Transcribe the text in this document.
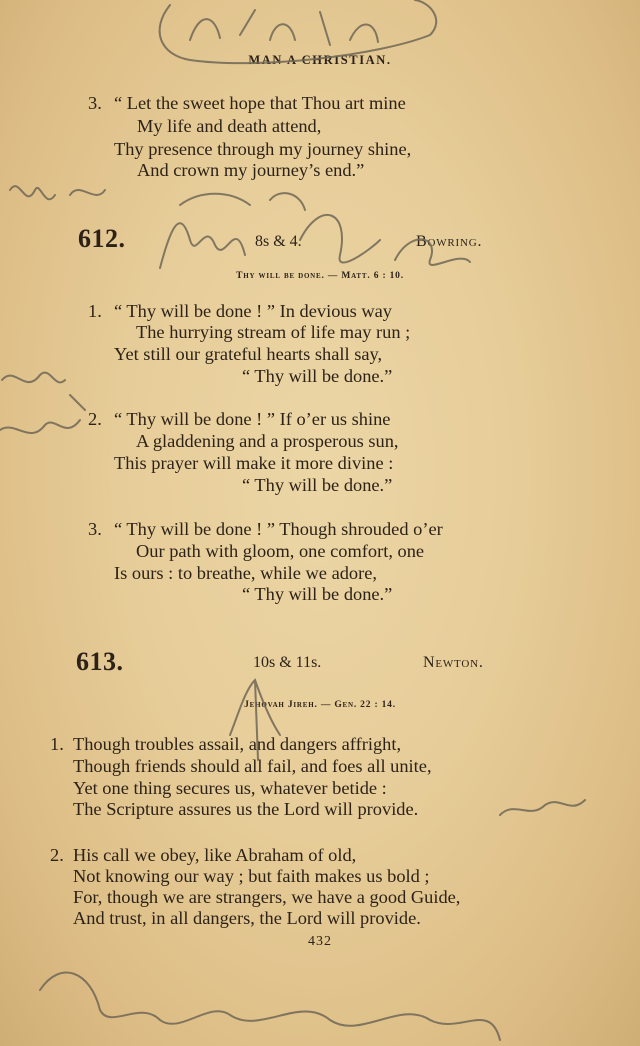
MAN A CHRISTIAN.
3. “ Let the sweet hope that Thou art mine
My life and death attend,
Thy presence through my journey shine,
And crown my journey’s end.”
612.	8s & 4.	Bowring.
Thy will be done. — Matt. 6 : 10.
1. “ Thy will be done ! ” In devious way
The hurrying stream of life may run ;
Yet still our grateful hearts shall say,
“ Thy will be done.”
2. “ Thy will be done ! ” If o’er us shine
A gladdening and a prosperous sun,
This prayer will make it more divine :
“ Thy will be done.”
3. “ Thy will be done ! ” Though shrouded o’er
Our path with gloom, one comfort, one
Is ours : to breathe, while we adore,
“ Thy will be done.”
613.	10s & 11s.	Newton.
Jehovah Jireh. — Gen. 22 : 14.
1. Though troubles assail, and dangers affright,
Though friends should all fail, and foes all unite,
Yet one thing secures us, whatever betide :
The Scripture assures us the Lord will provide.
2. His call we obey, like Abraham of old,
Not knowing our way ; but faith makes us bold ;
For, though we are strangers, we have a good Guide,
And trust, in all dangers, the Lord will provide.
432
